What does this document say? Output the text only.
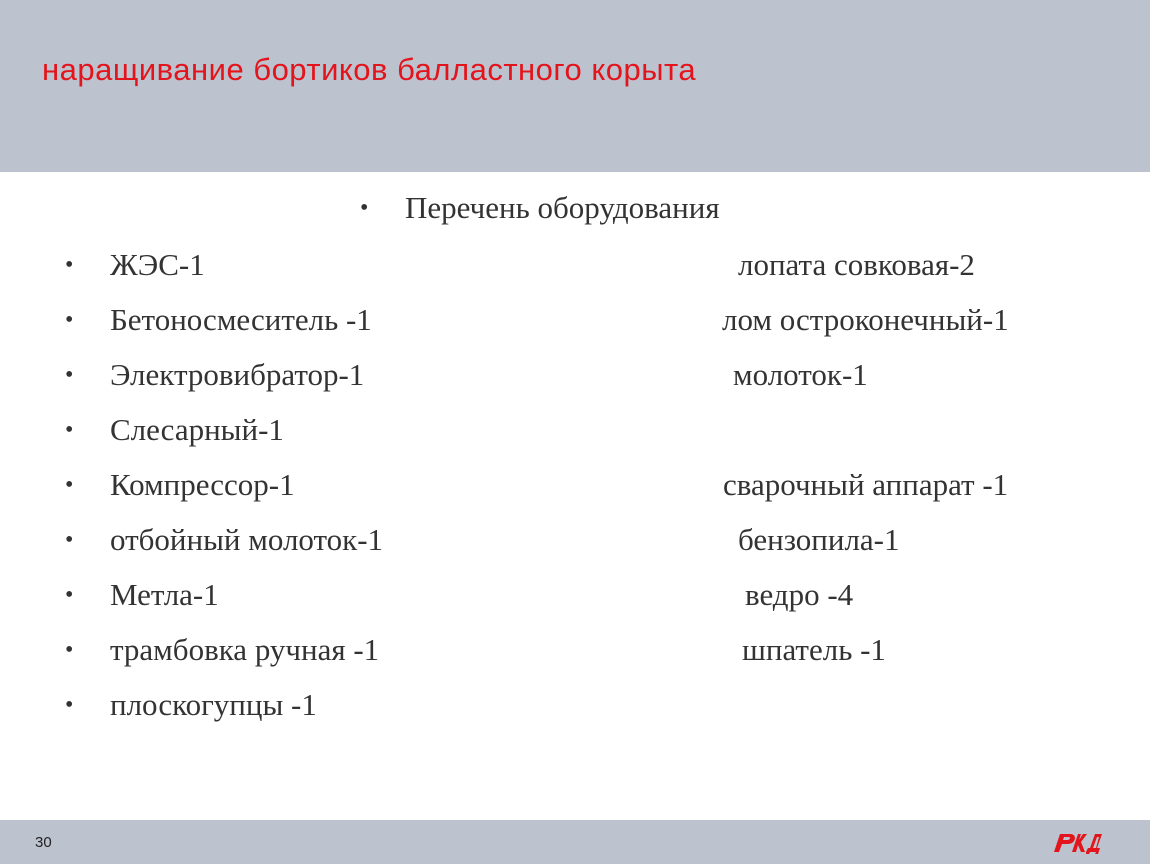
наращивание бортиков балластного корыта
• Перечень оборудования
• ЖЭС-1	лопата совковая-2
• Бетоносмеситель -1	лом остроконечный-1
• Электровибратор-1	молоток-1
• Слесарный-1
• Компрессор-1	сварочный аппарат -1
• отбойный молоток-1	бензопила-1
• Метла-1	ведро -4
• трамбовка ручная -1	шпатель -1
• плоскогупцы -1
30
